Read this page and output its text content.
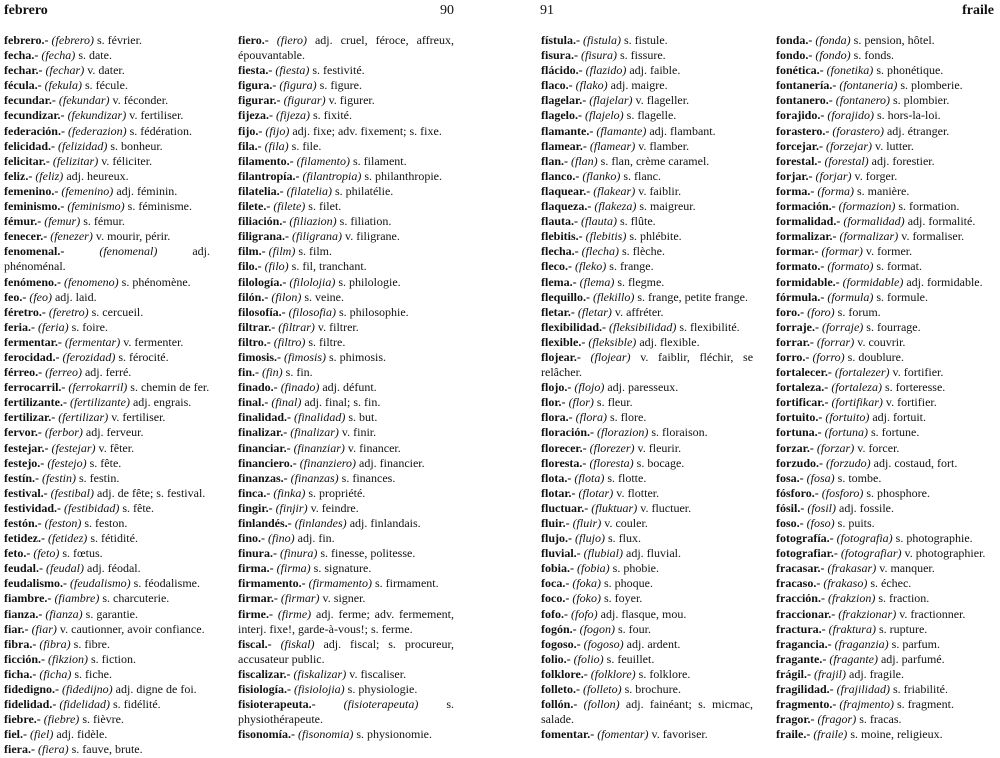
febrero	90	91	fraile
febrero.- (febrero) s. février.
fecha.- (fecha) s. date.
fechar.- (fechar) v. dater.
fécula.- (fekula) s. fécule.
fecundar.- (fekundar) v. féconder.
fecundizar.- (fekundizar) v. fertiliser.
federación.- (federazion) s. fédération.
felicidad.- (felizidad) s. bonheur.
felicitar.- (felizitar) v. féliciter.
feliz.- (feliz) adj. heureux.
femenino.- (femenino) adj. féminin.
feminismo.- (feminismo) s. féminisme.
fémur.- (femur) s. fémur.
fenecer.- (fenezer) v. mourir, périr.
fenomenal.-	(fenomenal)	adj. phénoménal.
fenómeno.- (fenomeno) s. phénomène.
feo.- (feo) adj. laid.
féretro.- (feretro) s. cercueil.
feria.- (feria) s. foire.
fermentar.- (fermentar) v. fermenter.
ferocidad.- (ferozidad) s. férocité.
férreo.- (ferreo) adj. ferré.
ferrocarril.- (ferrokarril) s. chemin de fer.
fertilizante.- (fertilizante) adj. engrais.
fertilizar.- (fertilizar) v. fertiliser.
fervor.- (ferbor) adj. ferveur.
festejar.- (festejar) v. fêter.
festejo.- (festejo) s. fête.
festín.- (festin) s. festin.
festival.- (festibal) adj. de fête; s. festival.
festividad.- (festibidad) s. fête.
festón.- (feston) s. feston.
fetidez.- (fetidez) s. fétidité.
feto.- (feto) s. fœtus.
feudal.- (feudal) adj. féodal.
feudalismo.- (feudalismo) s. féodalisme.
fiambre.- (fiambre) s. charcuterie.
fianza.- (fianza) s. garantie.
fiar.- (fiar) v. cautionner, avoir confiance.
fibra.- (fibra) s. fibre.
ficción.- (fikzion) s. fiction.
ficha.- (ficha) s. fiche.
fidedigno.- (fidedijno) adj. digne de foi.
fidelidad.- (fidelidad) s. fidélité.
fiebre.- (fiebre) s. fièvre.
fiel.- (fiel) adj. fidèle.
fiera.- (fiera) s. fauve, brute.
fiero.- (fiero) adj. cruel, féroce, affreux, épouvantable.
fiesta.- (fiesta) s. festivité.
figura.- (figura) s. figure.
figurar.- (figurar) v. figurer.
fijeza.- (fijeza) s. fixité.
fijo.- (fijo) adj. fixe; adv. fixement; s. fixe.
fila.- (fila) s. file.
filamento.- (filamento) s. filament.
filantropía.- (filantropia) s. philanthropie.
filatelia.- (filatelia) s. philatélie.
filete.- (filete) s. filet.
filiación.- (filiazion) s. filiation.
filigrana.- (filigrana) v. filigrane.
film.- (film) s. film.
filo.- (filo) s. fil, tranchant.
filología.- (filolojia) s. philologie.
filón.- (filon) s. veine.
filosofía.- (filosofia) s. philosophie.
filtrar.- (filtrar) v. filtrer.
filtro.- (filtro) s. filtre.
fimosis.- (fimosis) s. phimosis.
fin.- (fin) s. fin.
finado.- (finado) adj. défunt.
final.- (final) adj. final; s. fin.
finalidad.- (finalidad) s. but.
finalizar.- (finalizar) v. finir.
financiar.- (finanziar) v. financer.
financiero.- (finanziero) adj. financier.
finanzas.- (finanzas) s. finances.
finca.- (finka) s. propriété.
fingir.- (finjir) v. feindre.
finlandés.- (finlandes) adj. finlandais.
fino.- (fino) adj. fin.
finura.- (finura) s. finesse, politesse.
firma.- (firma) s. signature.
firmamento.- (firmamento) s. firmament.
firmar.- (firmar) v. signer.
firme.- (firme) adj. ferme; adv. fermement, interj. fixe!, garde-à-vous!; s. ferme.
fiscal.- (fiskal) adj. fiscal; s. procureur, accusateur public.
fiscalizar.- (fiskalizar) v. fiscaliser.
fisiología.- (fisiolojia) s. physiologie.
fisioterapeuta.- (fisioterapeuta) s. physiothérapeute.
fisonomía.- (fisonomia) s. physionomie.
fístula.- (fistula) s. fistule.
fisura.- (fisura) s. fissure.
flácido.- (flazido) adj. faible.
flaco.- (flako) adj. maigre.
flagelar.- (flajelar) v. flageller.
flagelo.- (flajelo) s. flagelle.
flamante.- (flamante) adj. flambant.
flamear.- (flamear) v. flamber.
flan.- (flan) s. flan, crème caramel.
flanco.- (flanko) s. flanc.
flaquear.- (flakear) v. faiblir.
flaqueza.- (flakeza) s. maigreur.
flauta.- (flauta) s. flûte.
flebitis.- (flebitis) s. phlébite.
flecha.- (flecha) s. flèche.
fleco.- (fleko) s. frange.
flema.- (flema) s. flegme.
flequillo.- (flekillo) s. frange, petite frange.
fletar.- (fletar) v. affréter.
flexibilidad.- (fleksibilidad) s. flexibilité.
flexible.- (fleksible) adj. flexible.
flojear.- (flojear) v. faiblir, fléchir, se relâcher.
flojo.- (flojo) adj. paresseux.
flor.- (flor) s. fleur.
flora.- (flora) s. flore.
floración.- (florazion) s. floraison.
florecer.- (florezer) v. fleurir.
floresta.- (floresta) s. bocage.
flota.- (flota) s. flotte.
flotar.- (flotar) v. flotter.
fluctuar.- (fluktuar) v. fluctuer.
fluir.- (fluir) v. couler.
flujo.- (flujo) s. flux.
fluvial.- (flubial) adj. fluvial.
fobia.- (fobia) s. phobie.
foca.- (foka) s. phoque.
foco.- (foko) s. foyer.
fofo.- (fofo) adj. flasque, mou.
fogón.- (fogon) s. four.
fogoso.- (fogoso) adj. ardent.
folio.- (folio) s. feuillet.
folklore.- (folklore) s. folklore.
folleto.- (folleto) s. brochure.
follón.- (follon) adj. fainéant; s. micmac, salade.
fomentar.- (fomentar) v. favoriser.
fonda.- (fonda) s. pension, hôtel.
fondo.- (fondo) s. fonds.
fonética.- (fonetika) s. phonétique.
fontanería.- (fontaneria) s. plomberie.
fontanero.- (fontanero) s. plombier.
forajido.- (forajido) s. hors-la-loi.
forastero.- (forastero) adj. étranger.
forcejar.- (forzejar) v. lutter.
forestal.- (forestal) adj. forestier.
forjar.- (forjar) v. forger.
forma.- (forma) s. manière.
formación.- (formazion) s. formation.
formalidad.- (formalidad) adj. formalité.
formalizar.- (formalizar) v. formaliser.
formar.- (formar) v. former.
formato.- (formato) s. format.
formidable.- (formidable) adj. formidable.
fórmula.- (formula) s. formule.
foro.- (foro) s. forum.
forraje.- (forraje) s. fourrage.
forrar.- (forrar) v. couvrir.
forro.- (forro) s. doublure.
fortalecer.- (fortalezer) v. fortifier.
fortaleza.- (fortaleza) s. forteresse.
fortificar.- (fortifikar) v. fortifier.
fortuito.- (fortuito) adj. fortuit.
fortuna.- (fortuna) s. fortune.
forzar.- (forzar) v. forcer.
forzudo.- (forzudo) adj. costaud, fort.
fosa.- (fosa) s. tombe.
fósforo.- (fosforo) s. phosphore.
fósil.- (fosil) adj. fossile.
foso.- (foso) s. puits.
fotografía.- (fotografia) s. photographie.
fotografiar.- (fotografiar) v. photographier.
fracasar.- (frakasar) v. manquer.
fracaso.- (frakaso) s. échec.
fracción.- (frakzion) s. fraction.
fraccionar.- (frakzionar) v. fractionner.
fractura.- (fraktura) s. rupture.
fragancia.- (fraganzia) s. parfum.
fragante.- (fragante) adj. parfumé.
frágil.- (frajil) adj. fragile.
fragilidad.- (frajilidad) s. friabilité.
fragmento.- (frajmento) s. fragment.
fragor.- (fragor) s. fracas.
fraile.- (fraile) s. moine, religieux.
